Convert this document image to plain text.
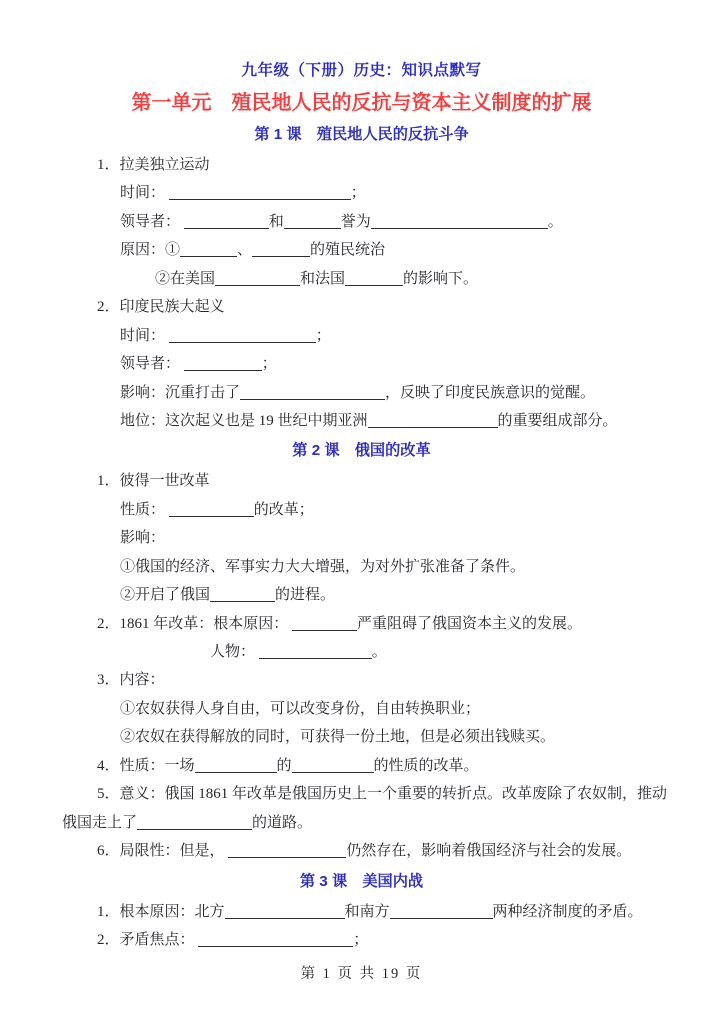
九年级（下册）历史：知识点默写
第一单元　殖民地人民的反抗与资本主义制度的扩展
第 1 课　殖民地人民的反抗斗争
1．拉美独立运动
时间：	；
领导者：	和	誉为	。
原因：①	、	的殖民统治
②在美国	和法国	的影响下。
2．印度民族大起义
时间：	；
领导者：	；
影响：沉重打击了	，反映了印度民族意识的觉醒。
地位：这次起义也是 19 世纪中期亚洲	的重要组成部分。
第 2 课　俄国的改革
1．彼得一世改革
性质：	的改革；
影响：
①俄国的经济、军事实力大大增强，为对外扩张准备了条件。
②开启了俄国	的进程。
2．1861 年改革：根本原因：	严重阻碍了俄国资本主义的发展。
人物：	。
3．内容：
①农奴获得人身自由，可以改变身份，自由转换职业；
②农奴在获得解放的同时，可获得一份土地，但是必须出钱赎买。
4．性质：一场	的	的性质的改革。
5．意义：俄国 1861 年改革是俄国历史上一个重要的转折点。改革废除了农奴制，推动
俄国走上了	的道路。
6．局限性：但是，	仍然存在，影响着俄国经济与社会的发展。
第 3 课　美国内战
1．根本原因：北方	和南方	两种经济制度的矛盾。
2．矛盾焦点：	；
第 1 页 共 19 页
